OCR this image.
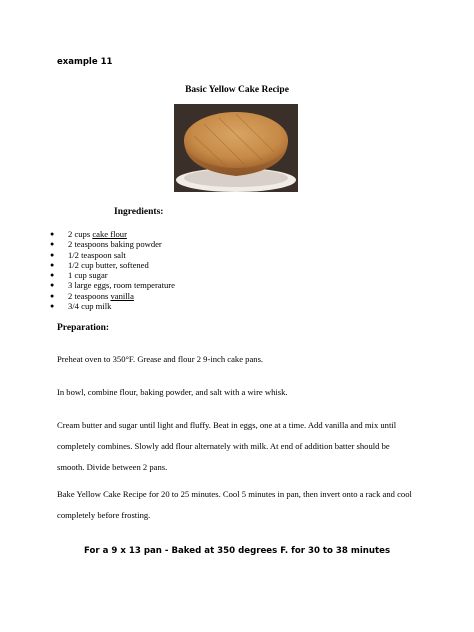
example 11
Basic Yellow Cake Recipe
Ingredients:
● 2 cups cake flour
● 2 teaspoons baking powder
● 1/2 teaspoon salt
● 1/2 cup butter, softened
● 1 cup sugar
● 3 large eggs, room temperature
● 2 teaspoons vanilla
● 3/4 cup milk
Preparation:
Preheat oven to 350°F. Grease and flour 2 9-inch cake pans.
In bowl, combine flour, baking powder, and salt with a wire whisk.
Cream butter and sugar until light and fluffy. Beat in eggs, one at a time. Add vanilla and mix until completely combines. Slowly add flour alternately with milk. At end of addition batter should be smooth. Divide between 2 pans.
Bake Yellow Cake Recipe for 20 to 25 minutes. Cool 5 minutes in pan, then invert onto a rack and cool completely before frosting.
For a 9 x 13 pan - Baked at 350 degrees F. for 30 to 38 minutes
